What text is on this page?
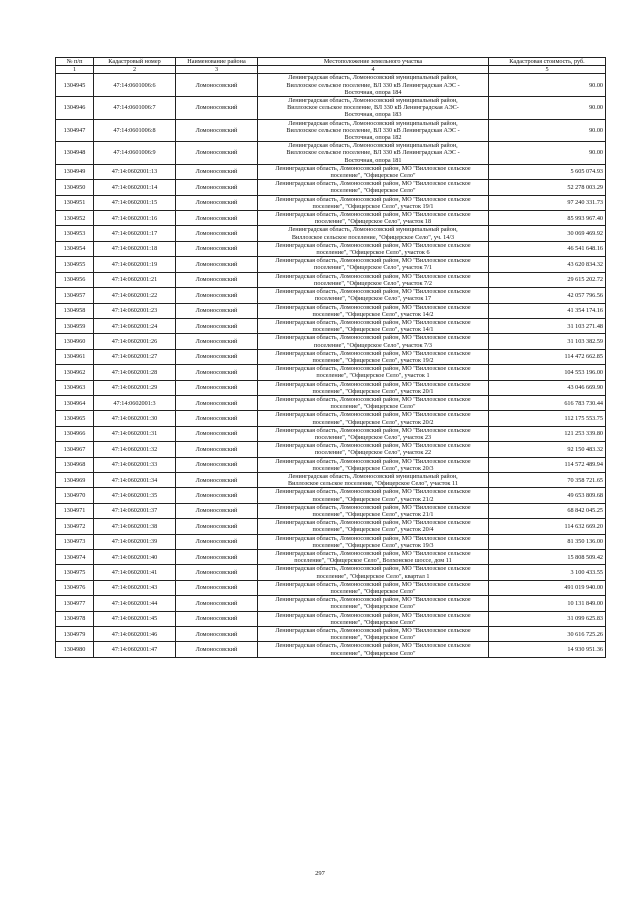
№ п/п	Кадастровый номер	Наименование района	Местоположение земельного участка	Кадастровая стоимость, руб.
1	2	3	4	5
1304945	47:14:0601006:6	Ломоносовский	Ленинградская область, Ломоносовский муниципальный район,
Виллозское сельское поселение, ВЛ 330 кВ Ленинградская АЭС -
Восточная, опора 184	90.00
1304946	47:14:0601006:7	Ломоносовский	Ленинградская область, Ломоносовский муниципальный район,
Виллозское сельское поселение, ВЛ 330 кВ Ленинградская АЭС-
Восточная, опора 183	90.00
1304947	47:14:0601006:8	Ломоносовский	Ленинградская область, Ломоносовский муниципальный район,
Виллозское сельское поселение, ВЛ 330 кВ Ленинградская АЭС -
Восточная, опора 182	90.00
1304948	47:14:0601006:9	Ломоносовский	Ленинградская область, Ломоносовский муниципальный район,
Виллозское сельское поселение, ВЛ 330 кВ Ленинградская АЭС -
Восточная, опора 181	90.00
1304949	47:14:0602001:13	Ломоносовский	Ленинградская область, Ломоносовский район, МО "Виллозское сельское
поселение", "Офицерское Село"	5 605 074.93
1304950	47:14:0602001:14	Ломоносовский	Ленинградская область, Ломоносовский район, МО "Виллозское сельское
поселение", "Офицерское Село"	52 278 003.29
1304951	47:14:0602001:15	Ломоносовский	Ленинградская область, Ломоносовский район, МО "Виллозское сельское
поселение", "Офицерское Село", участок 19/1	97 240 331.73
1304952	47:14:0602001:16	Ломоносовский	Ленинградская область, Ломоносовский район, МО "Виллозское сельское
поселение", "Офицерское Село", участок 18	85 993 967.40
1304953	47:14:0602001:17	Ломоносовский	Ленинградская область, Ломоносовский муниципальный район,
Виллозское сельское поселение, "Офицерское Село", уч. 14/3	30 069 469.92
1304954	47:14:0602001:18	Ломоносовский	Ленинградская область, Ломоносовский район, МО "Виллозское сельское
поселение", "Офицерское Село", участок 6	46 541 648.16
1304955	47:14:0602001:19	Ломоносовский	Ленинградская область, Ломоносовский район, МО "Виллозское сельское
поселение", "Офицерское Село", участок 7/1	43 620 834.32
1304956	47:14:0602001:21	Ломоносовский	Ленинградская область, Ломоносовский район, МО "Виллозское сельское
поселение", "Офицерское Село", участок 7/2	29 615 202.72
1304957	47:14:0602001:22	Ломоносовский	Ленинградская область, Ломоносовский район, МО "Виллозское сельское
поселение", "Офицерское Село", участок 17	42 057 796.56
1304958	47:14:0602001:23	Ломоносовский	Ленинградская область, Ломоносовский район, МО "Виллозское сельское
поселение", "Офицерское Село", участок 14/2	41 354 174.16
1304959	47:14:0602001:24	Ломоносовский	Ленинградская область, Ломоносовский район, МО "Виллозское сельское
поселение", "Офицерское Село", участок 14/1	31 103 271.48
1304960	47:14:0602001:26	Ломоносовский	Ленинградская область, Ломоносовский район, МО "Виллозское сельское
поселение", "Офицерское Село", участок 7/3	31 103 382.59
1304961	47:14:0602001:27	Ломоносовский	Ленинградская область, Ломоносовский район, МО "Виллозское сельское
поселение", "Офицерское Село", участок 19/2	114 472 662.85
1304962	47:14:0602001:28	Ломоносовский	Ленинградская область, Ломоносовский район, МО "Виллозское сельское
поселение", "Офицерское Село", участок 1	104 553 196.00
1304963	47:14:0602001:29	Ломоносовский	Ленинградская область, Ломоносовский район, МО "Виллозское сельское
поселение", "Офицерское Село", участок 20/1	43 046 669.90
1304964	47:14:0602001:3	Ломоносовский	Ленинградская область, Ломоносовский район, МО "Виллозское сельское
поселение", "Офицерское Село"	616 783 730.44
1304965	47:14:0602001:30	Ломоносовский	Ленинградская область, Ломоносовский район, МО "Виллозское сельское
поселение", "Офицерское Село", участок 20/2	112 175 553.75
1304966	47:14:0602001:31	Ломоносовский	Ленинградская область, Ломоносовский район, МО "Виллозское сельское
поселение", "Офицерское Село", участок 23	121 253 339.80
1304967	47:14:0602001:32	Ломоносовский	Ленинградская область, Ломоносовский район, МО "Виллозское сельское
поселение", "Офицерское Село", участок 22	92 150 483.32
1304968	47:14:0602001:33	Ломоносовский	Ленинградская область, Ломоносовский район, МО "Виллозское сельское
поселение", "Офицерское Село", участок 20/3	114 572 489.94
1304969	47:14:0602001:34	Ломоносовский	Ленинградская область, Ломоносовский муниципальный район,
Виллозское сельское поселение, "Офицерское Село", участок 11	70 358 721.65
1304970	47:14:0602001:35	Ломоносовский	Ленинградская область, Ломоносовский район, МО "Виллозское сельское
поселение", "Офицерское Село", участок 21/2	49 653 809.68
1304971	47:14:0602001:37	Ломоносовский	Ленинградская область, Ломоносовский район, МО "Виллозское сельское
поселение", "Офицерское Село", участок 21/1	68 842 045.25
1304972	47:14:0602001:38	Ломоносовский	Ленинградская область, Ломоносовский район, МО "Виллозское сельское
поселение", "Офицерское Село", участок 20/4	114 632 669.20
1304973	47:14:0602001:39	Ломоносовский	Ленинградская область, Ломоносовский район, МО "Виллозское сельское
поселение", "Офицерское Село", участок 19/3	81 350 136.00
1304974	47:14:0602001:40	Ломоносовский	Ленинградская область, Ломоносовский район, МО "Виллозское сельское
поселение", "Офицерское Село", Волхонское шоссе, дом 11	15 808 509.42
1304975	47:14:0602001:41	Ломоносовский	Ленинградская область, Ломоносовский район, МО "Виллозское сельское
поселение", "Офицерское Село", квартал 1	3 100 433.55
1304976	47:14:0602001:43	Ломоносовский	Ленинградская область, Ломоносовский район, МО "Виллозское сельское
поселение", "Офицерское Село"	491 019 940.00
1304977	47:14:0602001:44	Ломоносовский	Ленинградская область, Ломоносовский район, МО "Виллозское сельское
поселение", "Офицерское Село"	10 131 849.00
1304978	47:14:0602001:45	Ломоносовский	Ленинградская область, Ломоносовский район, МО "Виллозское сельское
поселение", "Офицерское Село"	31 099 625.83
1304979	47:14:0602001:46	Ломоносовский	Ленинградская область, Ломоносовский район, МО "Виллозское сельское
поселение", "Офицерское Село"	30 616 725.26
1304980	47:14:0602001:47	Ломоносовский	Ленинградская область, Ломоносовский район, МО "Виллозское сельское
поселение", "Офицерское Село"	14 930 951.36
297
